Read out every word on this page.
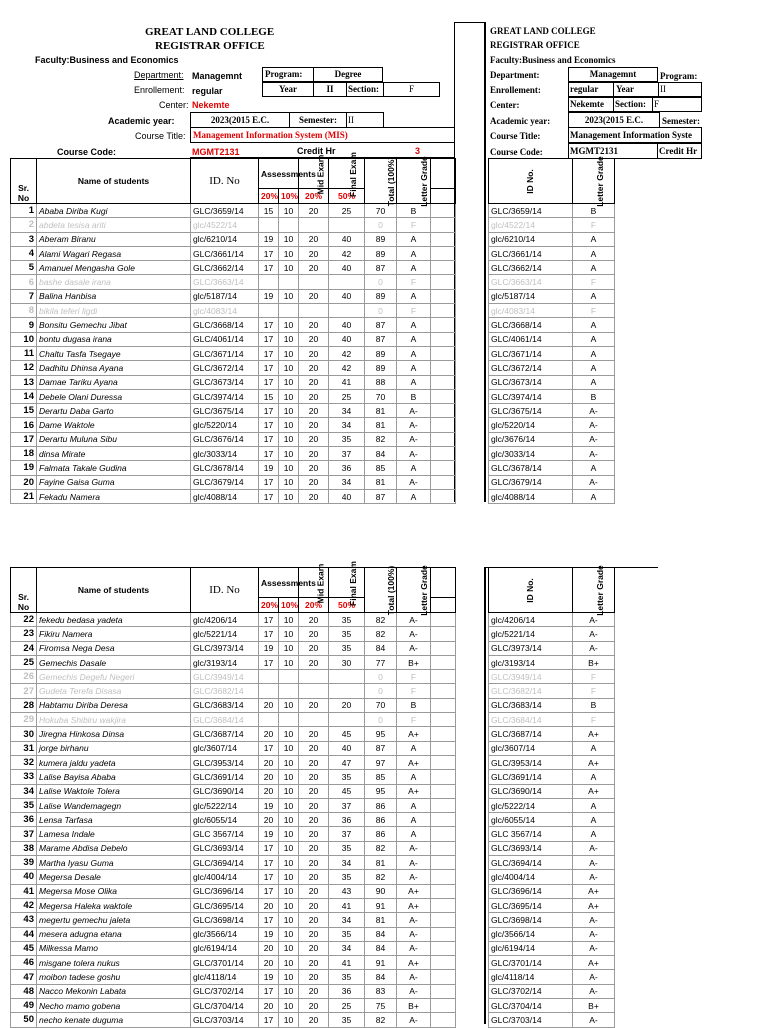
GREAT LAND COLLEGE
REGISTRAR OFFICE
Faculty:Business and Economics
Department: Managemnt	Program:	Degree
Enrollement: regular	Year	II	Section:	F
Center: Nekemte
Academic year:	2023(2015 E.C.	Semester:	II
Course Title: Management Information System (MIS)
Course Code:	MGMT2131	Credit Hr	3
GREAT LAND COLLEGE
REGISTRAR OFFICE
Faculty:Business and Economics
Department:	Managemnt	Program:
Enrollement:	regular	Year	II
Center:	Nekemte	Section: F
Academic year:	2023(2015 E.C.	Semester:
Course Title:	Management Information Syste
Course Code:	MGMT2131	Credit Hr
Sr. No	Name of students	ID. No	Assessments		Mid Exam	Final Exam	Total (100%)	Letter Grade	
			20%	10%	20%	50%			
1	Ababa Diriba Kugi	GLC/3659/14	15	10	20	25	70	B	
2	abdeta tesisa ariti	glc/4522/14					0	F	
3	Aberam Biranu	glc/6210/14	19	10	20	40	89	A	
4	Alami Wagari Regasa	GLC/3661/14	17	10	20	42	89	A	
5	Amanuel Mengasha Gole	GLC/3662/14	17	10	20	40	87	A	
6	bashe dasale irana	GLC/3663/14					0	F	
7	Balina Hanbisa	glc/5187/14	19	10	20	40	89	A	
8	bikila teferi ligdi	glc/4083/14					0	F	
9	Bonsitu Gemechu Jibat	GLC/3668/14	17	10	20	40	87	A	
10	bontu dugasa irana	GLC/4061/14	17	10	20	40	87	A	
11	Chaltu Tasfa Tsegaye	GLC/3671/14	17	10	20	42	89	A	
12	Dadhitu Dhinsa Ayana	GLC/3672/14	17	10	20	42	89	A	
13	Damae Tariku Ayana	GLC/3673/14	17	10	20	41	88	A	
14	Debele Olani Duressa	GLC/3974/14	15	10	20	25	70	B	
15	Derartu Daba Garto	GLC/3675/14	17	10	20	34	81	A-	
16	Dame Waktole	glc/5220/14	17	10	20	34	81	A-	
17	Derartu Muluna Sibu	GLC/3676/14	17	10	20	35	82	A-	
18	dinsa Mirate	glc/3033/14	17	10	20	37	84	A-	
19	Falmata Takale Gudina	GLC/3678/14	19	10	20	36	85	A	
20	Fayine Gaisa Guma	GLC/3679/14	17	10	20	34	81	A-	
21	Fekadu Namera	glc/4088/14	17	10	20	40	87	A	
ID No.	Letter Grade
GLC/3659/14	B
glc/4522/14	F
glc/6210/14	A
GLC/3661/14	A
GLC/3662/14	A
GLC/3663/14	F
glc/5187/14	A
glc/4083/14	F
GLC/3668/14	A
GLC/4061/14	A
GLC/3671/14	A
GLC/3672/14	A
GLC/3673/14	A
GLC/3974/14	B
GLC/3675/14	A-
glc/5220/14	A-
glc/3676/14	A-
glc/3033/14	A-
GLC/3678/14	A
GLC/3679/14	A-
glc/4088/14	A
Sr. No	Name of students	ID. No	Assessments		Mid Exam	Final Exam	Total (100%)	Letter Grade	
			20%	10%	20%	50%			
22	fekedu bedasa yadeta	glc/4206/14	17	10	20	35	82	A-	
23	Fikiru Namera	glc/5221/14	17	10	20	35	82	A-	
24	Firomsa Nega Desa	GLC/3973/14	19	10	20	35	84	A-	
25	Gemechis Dasale	glc/3193/14	17	10	20	30	77	B+	
26	Gemechis Degefu Negeri	GLC/3949/14					0	F	
27	Gudeta Terefa Disasa	GLC/3682/14					0	F	
28	Habtamu Diriba Deresa	GLC/3683/14	20	10	20	20	70	B	
29	Hokuba Shibiru wakjira	GLC/3684/14					0	F	
30	Jiregna Hinkosa Dinsa	GLC/3687/14	20	10	20	45	95	A+	
31	jorge birhanu	glc/3607/14	17	10	20	40	87	A	
32	kumera jaldu yadeta	GLC/3953/14	20	10	20	47	97	A+	
33	Lalise Bayisa Ababa	GLC/3691/14	20	10	20	35	85	A	
34	Lalise Waktole Tolera	GLC/3690/14	20	10	20	45	95	A+	
35	Lalise Wandemagegn	glc/5222/14	19	10	20	37	86	A	
36	Lensa Tarfasa	glc/6055/14	20	10	20	36	86	A	
37	Lamesa Indale	GLC 3567/14	19	10	20	37	86	A	
38	Marame Abdisa Debelo	GLC/3693/14	17	10	20	35	82	A-	
39	Martha Iyasu Guma	GLC/3694/14	17	10	20	34	81	A-	
40	Megersa Desale	glc/4004/14	17	10	20	35	82	A-	
41	Megersa Mose Olika	GLC/3696/14	17	10	20	43	90	A+	
42	Megersa Haleka waktole	GLC/3695/14	20	10	20	41	91	A+	
43	megertu gemechu jaleta	GLC/3698/14	17	10	20	34	81	A-	
44	mesera adugna etana	glc/3566/14	19	10	20	35	84	A-	
45	Milkessa Mamo	glc/6194/14	20	10	20	34	84	A-	
46	misgane tolera nukus	GLC/3701/14	20	10	20	41	91	A+	
47	moibon tadese goshu	glc/4118/14	19	10	20	35	84	A-	
48	Nacco Mekonin Labata	GLC/3702/14	17	10	20	36	83	A-	
49	Necho mamo gobena	GLC/3704/14	20	10	20	25	75	B+	
50	necho kenate duguma	GLC/3703/14	17	10	20	35	82	A-	
ID No.	Letter Grade
glc/4206/14	A-
glc/5221/14	A-
GLC/3973/14	A-
glc/3193/14	B+
GLC/3949/14	F
GLC/3682/14	F
GLC/3683/14	B
GLC/3684/14	F
GLC/3687/14	A+
glc/3607/14	A
GLC/3953/14	A+
GLC/3691/14	A
GLC/3690/14	A+
glc/5222/14	A
glc/6055/14	A
GLC 3567/14	A
GLC/3693/14	A-
GLC/3694/14	A-
glc/4004/14	A-
GLC/3696/14	A+
GLC/3695/14	A+
GLC/3698/14	A-
glc/3566/14	A-
glc/6194/14	A-
GLC/3701/14	A+
glc/4118/14	A-
GLC/3702/14	A-
GLC/3704/14	B+
GLC/3703/14	A-
